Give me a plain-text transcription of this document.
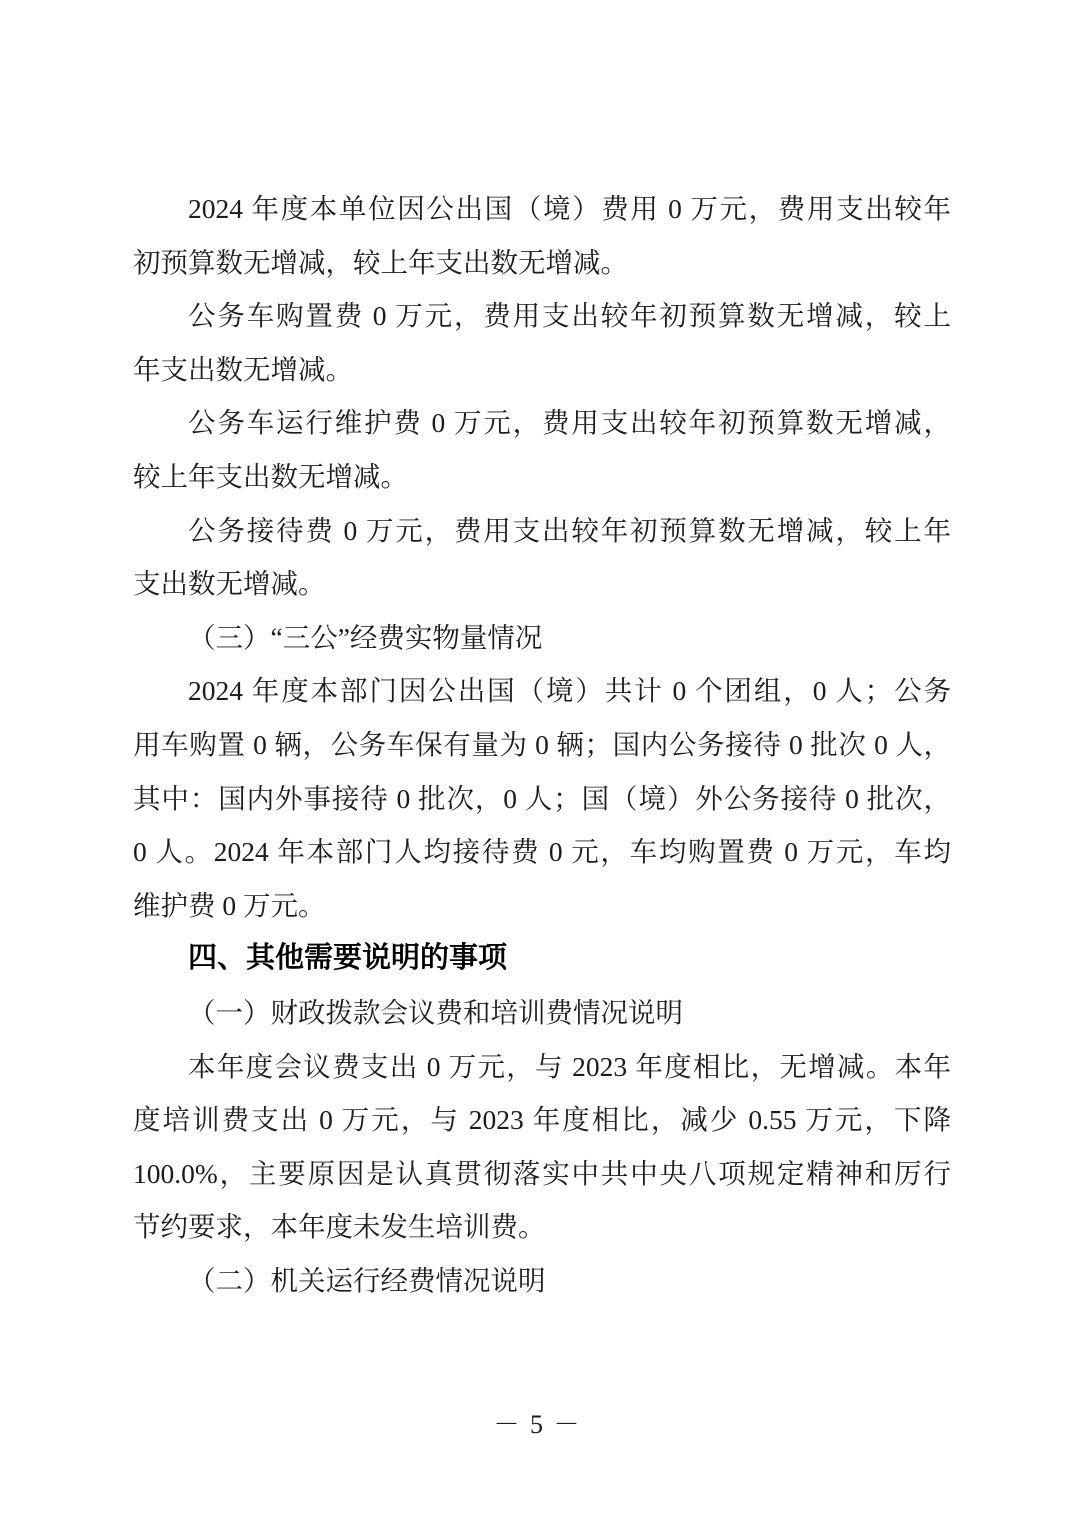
2024 年度本单位因公出国（境）费用 0 万元，费用支出较年
初预算数无增减，较上年支出数无增减。
公务车购置费 0 万元，费用支出较年初预算数无增减，较上
年支出数无增减。
公务车运行维护费 0 万元，费用支出较年初预算数无增减，
较上年支出数无增减。
公务接待费 0 万元，费用支出较年初预算数无增减，较上年
支出数无增减。
（三）“三公”经费实物量情况
2024 年度本部门因公出国（境）共计 0 个团组，0 人；公务
用车购置 0 辆，公务车保有量为 0 辆；国内公务接待 0 批次 0 人，
其中：国内外事接待 0 批次，0 人；国（境）外公务接待 0 批次，
0 人。2024 年本部门人均接待费 0 元，车均购置费 0 万元，车均
维护费 0 万元。
四、其他需要说明的事项
（一）财政拨款会议费和培训费情况说明
本年度会议费支出 0 万元，与 2023 年度相比，无增减。本年
度培训费支出 0 万元，与 2023 年度相比，减少 0.55 万元，下降
100.0%，主要原因是认真贯彻落实中共中央八项规定精神和厉行
节约要求，本年度未发生培训费。
（二）机关运行经费情况说明
－ 5 －
